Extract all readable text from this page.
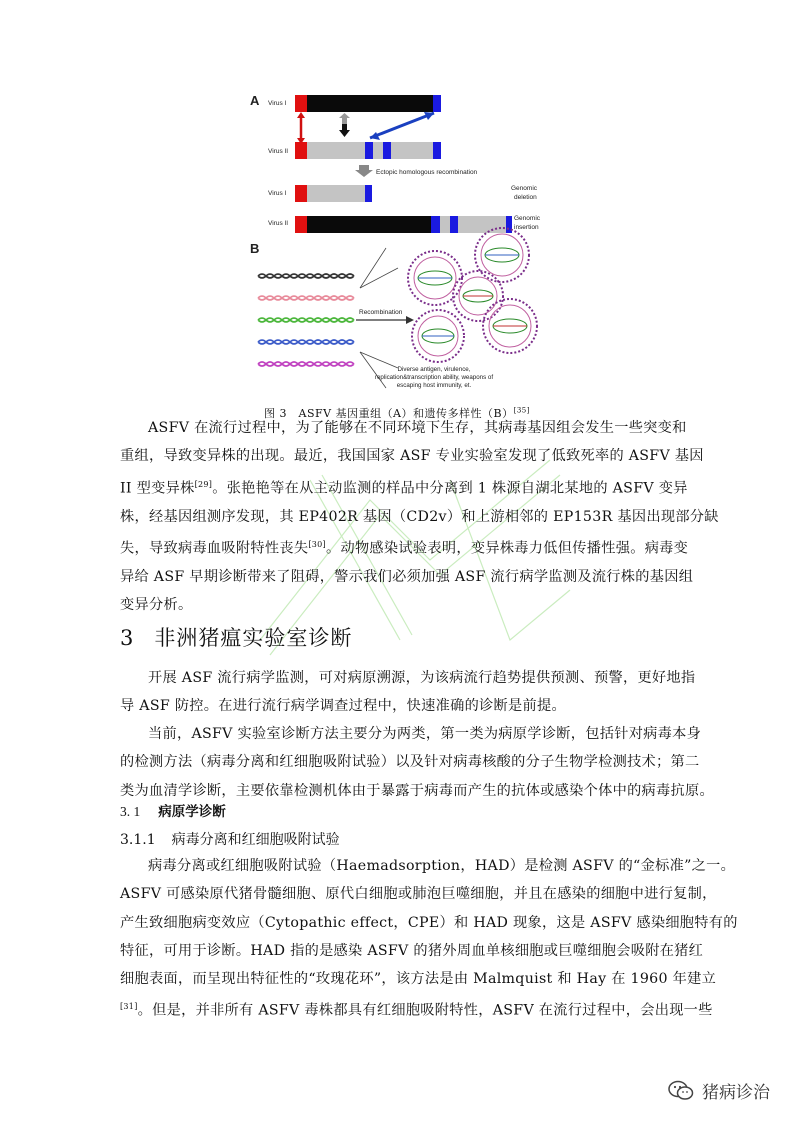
A Virus I
Virus II
Ectopic homologous recombination
Virus I
Genomic
deletion
Virus II
Genomic
insertion
B
Recombination
Diverse antigen, virulence,
replication&transcription ability, weapons of
escaping host immunity, et.
图 3　ASFV 基因重组（A）和遗传多样性（B）[35]

ASFV 在流行过程中，为了能够在不同环境下生存，其病毒基因组会发生一些突变和
重组，导致变异株的出现。最近，我国国家 ASF 专业实验室发现了低致死率的 ASFV 基因
II 型变异株[29]。张艳艳等在从主动监测的样品中分离到 1 株源自湖北某地的 ASFV 变异
株，经基因组测序发现，其 EP402R 基因（CD2v）和上游相邻的 EP153R 基因出现部分缺
失，导致病毒血吸附特性丧失[30]。动物感染试验表明，变异株毒力低但传播性强。病毒变
异给 ASF 早期诊断带来了阻碍，警示我们必须加强 ASF 流行病学监测及流行株的基因组
变异分析。

3 非洲猪瘟实验室诊断

开展 ASF 流行病学监测，可对病原溯源，为该病流行趋势提供预测、预警，更好地指
导 ASF 防控。在进行流行病学调查过程中，快速准确的诊断是前提。

当前，ASFV 实验室诊断方法主要分为两类，第一类为病原学诊断，包括针对病毒本身
的检测方法（病毒分离和红细胞吸附试验）以及针对病毒核酸的分子生物学检测技术；第二
类为血清学诊断，主要依靠检测机体由于暴露于病毒而产生的抗体或感染个体中的病毒抗原。

3. 1 病原学诊断
3.1.1 病毒分离和红细胞吸附试验

病毒分离或红细胞吸附试验（Haemadsorption，HAD）是检测 ASFV 的“金标准”之一。
ASFV 可感染原代猪骨髓细胞、原代白细胞或肺泡巨噬细胞，并且在感染的细胞中进行复制，
产生致细胞病变效应（Cytopathic effect，CPE）和 HAD 现象，这是 ASFV 感染细胞特有的
特征，可用于诊断。HAD 指的是感染 ASFV 的猪外周血单核细胞或巨噬细胞会吸附在猪红
细胞表面，而呈现出特征性的“玫瑰花环”，该方法是由 Malmquist 和 Hay 在 1960 年建立
[31]。但是，并非所有 ASFV 毒株都具有红细胞吸附特性，ASFV 在流行过程中，会出现一些

猪病诊治
